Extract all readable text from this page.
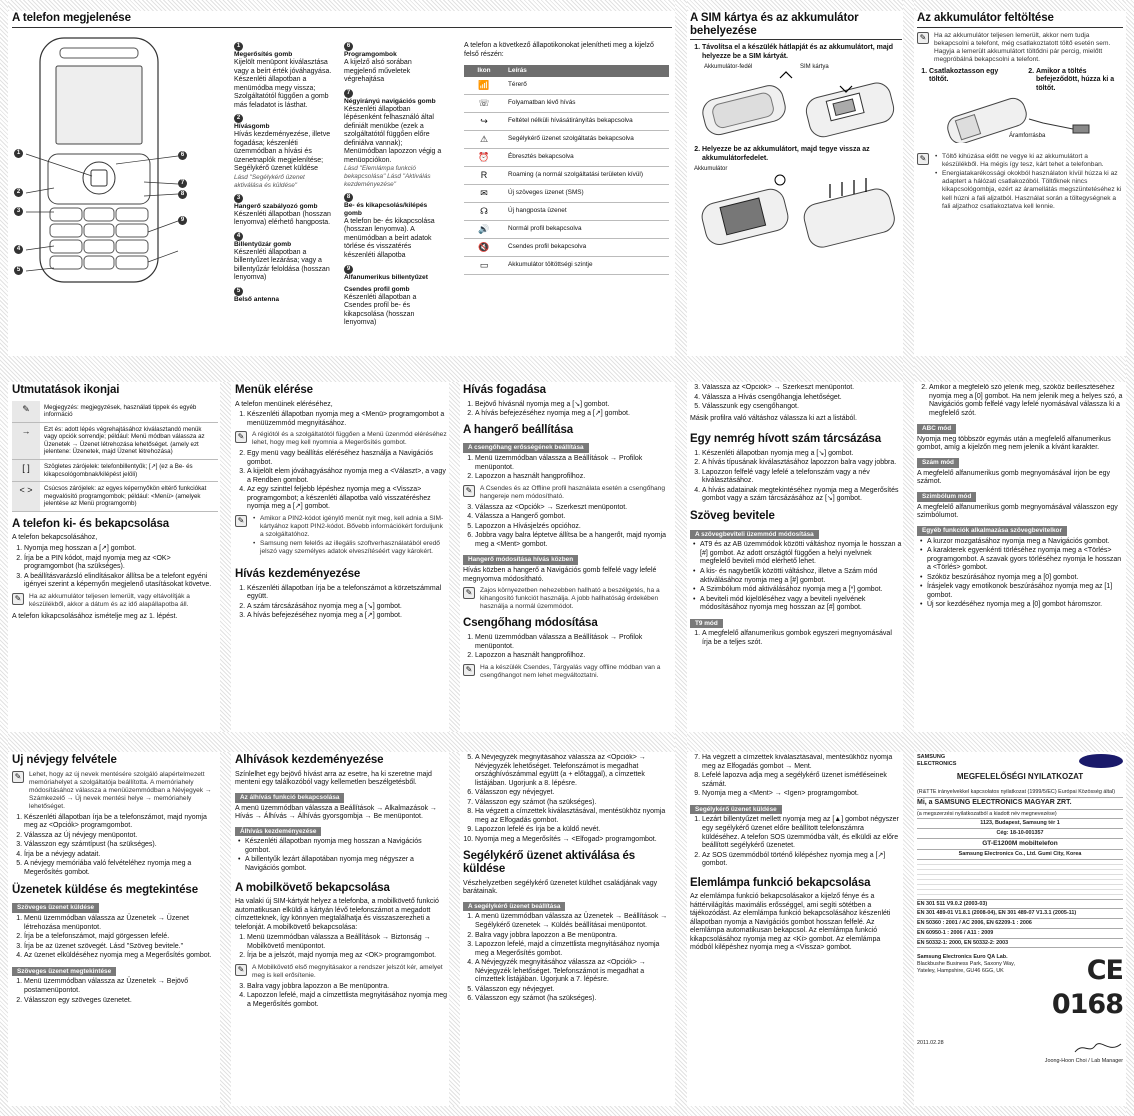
A telefon megjelenése
1
2
3
4
5
6
7
8
9
1
Megerősítés gomb
Kijelölt menüpont kiválasztása vagy a beírt érték jóváhagyása. Készenléti állapotban a menümódba megy vissza; Szolgáltatótól függően a gomb más feladatot is lásthat.
2
Hívásgomb
Hívás kezdeményezése, illetve fogadása; készenléti üzemmódban a hívási és üzenetnaplók megjelenítése; Segélykérő üzenet küldése
Lásd "Segélykérő üzenet aktiválása és küldése"
3
Hangerő szabályozó gomb
Készenléti állapotban (hosszan lenyomva) elérhető hangposta.
4
Billentyűzár gomb
Készenléti állapotban a billentyűzet lezárása; vagy a billentyűzár feloldása (hosszan lenyomva)
5
Belső antenna
6
Programgombok
A kijelző alsó sorában megjelenő műveletek végrehajtása
7
Négyirányú navigációs gomb
Készenléti állapotban lépésenként felhasználó által definiált menükbe (ezek a szolgáltatótól függően előre definiálva vannak); Menümódban lapozzon végig a menüopciókon.
Lásd "Elemlámpa funkció bekapcsolása" Lásd "Aktiválás kezdeményezése"
8
Be- és kikapcsolás/kilépés gomb
A telefon be- és kikapcsolása (hosszan lenyomva). A menümódban a beírt adatok törlése és visszatérés készenléti állapotba
9
Alfanumerikus billentyűzet
Csendes profil gomb
Készenléti állapotban a Csendes profil be- és kikapcsolása (hosszan lenyomva)

A telefon a következő állapotikonokat jelenítheti meg a kijelző felső részén:

Ikon	Leírás
📶	Térerő
☏	Folyamatban lévő hívás
↪	Feltétel nélküli hívásátirányítás bekapcsolva
⚠	Segélykérő üzenet szolgáltatás bekapcsolva
⏰	Ébresztés bekapcsolva
R	Roaming (a normál szolgáltatási területen kívül)
✉	Új szöveges üzenet (SMS)
☊	Új hangposta üzenet
🔊	Normál profil bekapcsolva
🔇	Csendes profil bekapcsolva
▭	Akkumulátor töltöttségi szintje
A SIM kártya és az akkumulátor behelyezése
1. Távolítsa el a készülék hátlapját és az akkumulátort, majd helyezze be a SIM kártyát.
Akkumulátor-fedél	SIM kártya
2. Helyezze be az akkumulátort, majd tegye vissza az akkumulátorfedelet.
Akkumulátor
Az akkumulátor feltöltése
✎	Ha az akkumulátor teljesen lemerült, akkor nem tudja bekapcsolni a telefont, még csatlakoztatott töltő esetén sem. Hagyja a lemerült akkumulátort töltődni pár percig, mielőtt megpróbálná bekapcsolni a telefont.
1. Csatlakoztasson egy töltőt.
2. Amikor a töltés befejeződött, húzza ki a töltőt.
Áramforrásba
✎	• Töltő kihúzása előtt ne vegye ki az akkumulátort a készülékből. Ha mégis így tesz, kárt tehet a telefonban.
• Energiatakarékossági okokból használaton kívül húzza ki az adaptert a hálózati csatlakozóból. Töltőknek nincs kikapcsológombja, ezért az áramellátás megszüntetéséhez ki kell húzni a fali aljzatból. Használat során a töltegységnek a fali aljzathoz csatlakoztatva kell lennie.
Útmutatások ikonjai
✎	Megjegyzés: megjegyzések, használati tippek és egyéb információ
→	Ezt és: adott lépés végrehajtásához kiválasztandó menük vagy opciók sorrendje; például: Menü módban válassza az Üzenetek → Üzenet létrehozása lehetőséget. (amely ezt jelentene: Üzenetek, majd Üzenet létrehozása)
[ ]	Szögletes zárójelek: telefonbillentyűk; [↗] (ez a Be- és kikapcsológombnak/kilépést jelöli)
< >	Csúcsos zárójelek: az egyes képernyőkön eltérő funkciókat megvalósító programgombok; például: <Menü> (amelyek jelentése az Menü programgomb)
A telefon ki- és bekapcsolása

A telefon bekapcsolásához,

1. Nyomja meg hosszan a [↗] gombot.
2. Írja be a PIN kódot, majd nyomja meg az <OK> programgombot (ha szükséges).
3. A beállításvarázsló elindításakor állítsa be a telefont egyéni igényei szerint a képernyőn megjelenő utasításokat követve.
✎	Ha az akkumulátor teljesen lemerült, vagy eltávolítják a készülékből, akkor a dátum és az idő alapállapotba áll.

A telefon kikapcsolásához ismételje meg az 1. lépést.

Menük elérése

A telefon menüinek eléréséhez,

1. Készenléti állapotban nyomja meg a <Menü> programgombot a menüüzemmód megnyitásához.
✎	A régiótól és a szolgáltatótól függően a Menü üzenmód eléréséhez lehet, hogy meg kell nyomnia a Megerősítés gombot.
2. Egy menü vagy beállítás eléréséhez használja a Navigációs gombot.
3. A kijelölt elem jóváhagyásához nyomja meg a <Választ>, a vagy a Rendben gombot.
4. Az egy szinttel feljebb lépéshez nyomja meg a <Vissza> programgombot; a készenléti állapotba való visszatéréshez nyomja meg a [↗] gombot.
✎	• Amikor a PIN2-kódot igénylő menüt nyit meg, kell adnia a SIM-kártyához kapott PIN2-kódot. Bővebb információkért forduljunk a szolgáltatóhoz.
• Samsung nem felelős az illegális szoftverhasználatából eredő jelszó vagy személyes adatok elveszítéséért vagy károkért.
Hívás kezdeményezése
1. Készenléti állapotban írja be a telefonszámot a körzetszámmal együtt.
2. A szám tárcsázásához nyomja meg a [↘] gombot.
3. A hívás befejezéséhez nyomja meg a [↗] gombot.
Hívás fogadása
1. Bejövő hívásnál nyomja meg a [↘] gombot.
2. A hívás befejezéséhez nyomja meg a [↗] gombot.
A hangerő beállítása
A csengőhang erősségének beállítása
1. Menü üzemmódban válassza a Beállítások → Profilok menüpontot.
2. Lapozzon a használt hangprofilhoz.
✎	A Csendes és az Offline profil használata esetén a csengőhang hangereje nem módosítható.
3. Válassza az <Opciók> → Szerkeszt menüpontot.
4. Válassza a Hangerő gombot.
5. Lapozzon a Hívásjelzés opcióhoz.
6. Jobbra vagy balra léptetve állítsa be a hangerőt, majd nyomja meg a <Ment> gombot.
Hangerő módosítása hívás közben

Hívás közben a hangerő a Navigációs gomb felfelé vagy lefelé megnyomva módosítható.

✎	Zajos környezetben nehezebben hallható a beszélgetés, ha a kihangosító funkciót használja. A jobb hallhatóság érdekében használja a normál üzemmódot.
Csengőhang módosítása
1. Menü üzemmódban válassza a Beállítások → Profilok menüpontot.
2. Lapozzon a használt hangprofilhoz.
✎	Ha a készülék Csendes, Tárgyalás vagy offline módban van a csengőhangot nem lehet megváltoztatni.
3. Válassza az <Opciók> → Szerkeszt menüpontot.
4. Válassza a Hívás csengőhangja lehetőséget.
5. Válasszunk egy csengőhangot.

Másik profilra való váltáshoz válassza ki azt a listából.

Egy nemrég hívott szám tárcsázása
1. Készenléti állapotban nyomja meg a [↘] gombot.
2. A hívás típusának kiválasztásához lapozzon balra vagy jobbra.
3. Lapozzon felfelé vagy lefelé a telefonszám vagy a név kiválasztásához.
4. A hívás adatainak megtekintéséhez nyomja meg a Megerősítés gombot vagy a szám tárcsázásához az [↘] gombot.
Szöveg bevitele
A szövegbeviteli üzemmód módosítása
• AT9 és az AB üzemmódok közötti váltáshoz nyomja le hosszan a [#] gombot. Az adott országtól függően a helyi nyelvnek megfelelő beviteli mód elérhető lehet.
• A kis- és nagybetűk közötti váltáshoz, illetve a Szám mód aktiválásához nyomja meg a [#] gombot.
• A Szimbólum mód aktiválásához nyomja meg a [*] gombot.
• A beviteli mód kijelöléséhez vagy a beviteli nyelvének módosításához nyomja meg hosszan az [#] gombot.
T9 mód
1. A megfelelő alfanumerikus gombok egyszeri megnyomásával írja be a teljes szót.
2. Amikor a megfelelő szó jelenik meg, szóköz beillesztéséhez nyomja meg a [0] gombot. Ha nem jelenik meg a helyes szó, a Navigációs gomb felfelé vagy lefelé nyomásával válassza ki a megfelelő szót.
ABC mód

Nyomja meg többször egymás után a megfelelő alfanumerikus gombot, amíg a kijelzőn meg nem jelenik a kívánt karakter.

Szám mód

A megfelelő alfanumerikus gomb megnyomásával írjon be egy számot.

Szimbólum mód

A megfelelő alfanumerikus gomb megnyomásával válasszon egy szimbólumot.

Egyéb funkciók alkalmazása szövegbevitelkor
• A kurzor mozgatásához nyomja meg a Navigációs gombot.
• A karakterek egyenkénti törléséhez nyomja meg a <Törlés> programgombot. A szavak gyors törléséhez nyomja le hosszan a <Törlés> gombot.
• Szóköz beszúrásához nyomja meg a [0] gombot.
• Írásjelek vagy emotikonok beszúrásához nyomja meg az [1] gombot.
• Új sor kezdéséhez nyomja meg a [0] gombot háromszor.
Új névjegy felvétele
✎	Lehet, hogy az új nevek mentésére szolgáló alapértelmezett memóriahelyet a szolgáltatója beállította. A memóriahely módosításához válassza a menüüzemmódban a Névjegyek → Számkezelő → Új nevek mentési helye → memóriahely lehetőséget.
1. Készenléti állapotban írja be a telefonszámot, majd nyomja meg az <Opciók> programgombot.
2. Válassza az Új névjegy menüpontot.
3. Válasszon egy számtípust (ha szükséges).
4. Írja be a névjegy adatait.
5. A névjegy memóriába való felvételéhez nyomja meg a Megerősítés gombot.
Üzenetek küldése és megtekintése
Szöveges üzenet küldése
1. Menü üzemmódban válassza az Üzenetek → Üzenet létrehozása menüpontot.
2. Írja be a telefonszámot, majd görgessen lefelé.
3. Írja be az üzenet szövegét. Lásd "Szöveg bevitele."
4. Az üzenet elküldéséhez nyomja meg a Megerősítés gombot.
Szöveges üzenet megtekintése
1. Menü üzemmódban válassza az Üzenetek → Bejövő postamenüpontot.
2. Válasszon egy szöveges üzenetet.
Álhívások kezdeményezése

Színlelhet egy bejövő hívást arra az esetre, ha ki szeretne majd menteni egy találkozóból vagy kellemetlen beszélgetésből.

Az álhívás funkció bekapcsolása

A menü üzemmódban válassza a Beállítások → Alkalmazások → Hívás → Álhívás → Álhívás gyorsgombja → Be menüpontot.

Álhívás kezdeményezése
• Készenléti állapotban nyomja meg hosszan a Navigációs gombot.
• A billentyűk lezárt állapotában nyomja meg négyszer a Navigációs gombot.
A mobilkövető bekapcsolása

Ha valaki új SIM-kártyát helyez a telefonba, a mobilkövető funkció automatikusan elküldi a kártyán lévő telefonszámot a megadott címzetteknek, így könnyen megtalálhatja és visszaszerezheti a telefonját. A mobilkövető bekapcsolása:

1. Menü üzemmódban válassza a Beállítások → Biztonság → Mobilkövető menüpontot.
2. Írja be a jelszót, majd nyomja meg az <OK> programgombot.
✎	A Mobilkövető első megnyitásakor a rendszer jelszót kér, amelyet meg is kell erősítenie.
3. Balra vagy jobbra lapozzon a Be menüpontra.
4. Lapozzon lefelé, majd a címzettlista megnyitásához nyomja meg a Megerősítés gombot.
5. A Névjegyzék megnyitásához válassza az <Opciók> → Névjegyzék lehetőséget. Telefonszámot is megadhat országhívószámmal együtt (a + előtaggal), a címzettek listájában. Ugorjunk a 8. lépésre.
6. Válasszon egy névjegyet.
7. Válasszon egy számot (ha szükséges).
8. Ha végzett a címzettek kiválasztásával, mentésükhöz nyomja meg az Elfogadás gombot.
9. Lapozzon lefelé és írja be a küldő nevét.
10. Nyomja meg a Megerősítés → <Elfogad> programgombot.
Segélykérő üzenet aktiválása és küldése

Vészhelyzetben segélykérő üzenetet küldhet családjának vagy barátainak.

A segélykérő üzenet beállítása
1. A menü üzemmódban válassza az Üzenetek → Beállítások → Segélykérő üzenetek → Küldés beállításai menüpontot.
2. Balra vagy jobbra lapozzon a Be menüpontra.
3. Lapozzon lefelé, majd a címzettlista megnyitásához nyomja meg a Megerősítés gombot.
4. A Névjegyzék megnyitásához válassza az <Opciók> → Névjegyzék lehetőséget. Telefonszámot is megadhat a címzettek listájában. Ugorjunk a 7. lépésre.
5. Válasszon egy névjegyet.
6. Válasszon egy számot (ha szükséges).
7. Ha végzett a címzettek kiválasztásával, mentésükhöz nyomja meg az Elfogadás gombot → Ment.
8. Lefelé lapozva adja meg a segélykérő üzenet ismétléseinek számát.
9. Nyomja meg a <Ment> → <Igen> programgombot.
Segélykérő üzenet küldése
1. Lezárt billentyűzet mellett nyomja meg az [▲] gombot négyszer egy segélykérő üzenet előre beállított telefonszámra küldéséhez. A telefon SOS üzemmódba vált, és elküldi az előre beállított segélykérő üzenetet.
2. Az SOS üzemmódból történő kilépéshez nyomja meg a [↗] gombot.
Elemlámpa funkció bekapcsolása

Az elemlámpa funkció bekapcsolásakor a kijelző fénye és a háttérvilágítás maximális erősséggel, ami segíti sötétben a tájékozódást. Az elemlámpa funkció bekapcsolásához készenléti állapotban nyomja a Navigációs gombot hosszan felfelé. Az elemlámpa automatikusan bekapcsol. Az elemlámpa funkció kikapcsolásához nyomja meg az <Ki> gombot. Az elemlámpa módból kilépéshez nyomja meg a <Vissza> gombot.

SAMSUNG ELECTRONICS
MEGFELELŐSÉGI NYILATKOZAT
(R&TTE irányelvekkel kapcsolatos nyilatkozat (1999/5/EC) Európai Közösség által)
Mi, a SAMSUNG ELECTRONICS MAGYAR ZRT.
(a megszerzési nyilatkozatból a kiadott név megnevezése)
1123, Budapest, Samsung tér 1
Cég: 18-10-001357
GT-E1200M mobiltelefon
Samsung Electronics Co., Ltd. Gumi City, Korea
EN 301 511 V9.0.2 (2003-03)
EN 301 489-01 V1.8.1 (2008-04), EN 301 489-07 V1.3.1 (2005-11)
EN 50360 : 2001 / AC 2006, EN 62209-1 : 2006
EN 60950-1 : 2006 / A11 : 2009
EN 50332-1: 2000, EN 50332-2: 2003
Samsung Electronics Euro QA Lab.
Blackbushe Business Park, Saxony Way, Yateley, Hampshire, GU46 6GG, UK	CE 0168
2011.02.28
Joong-Hoon Choi / Lab Manager
